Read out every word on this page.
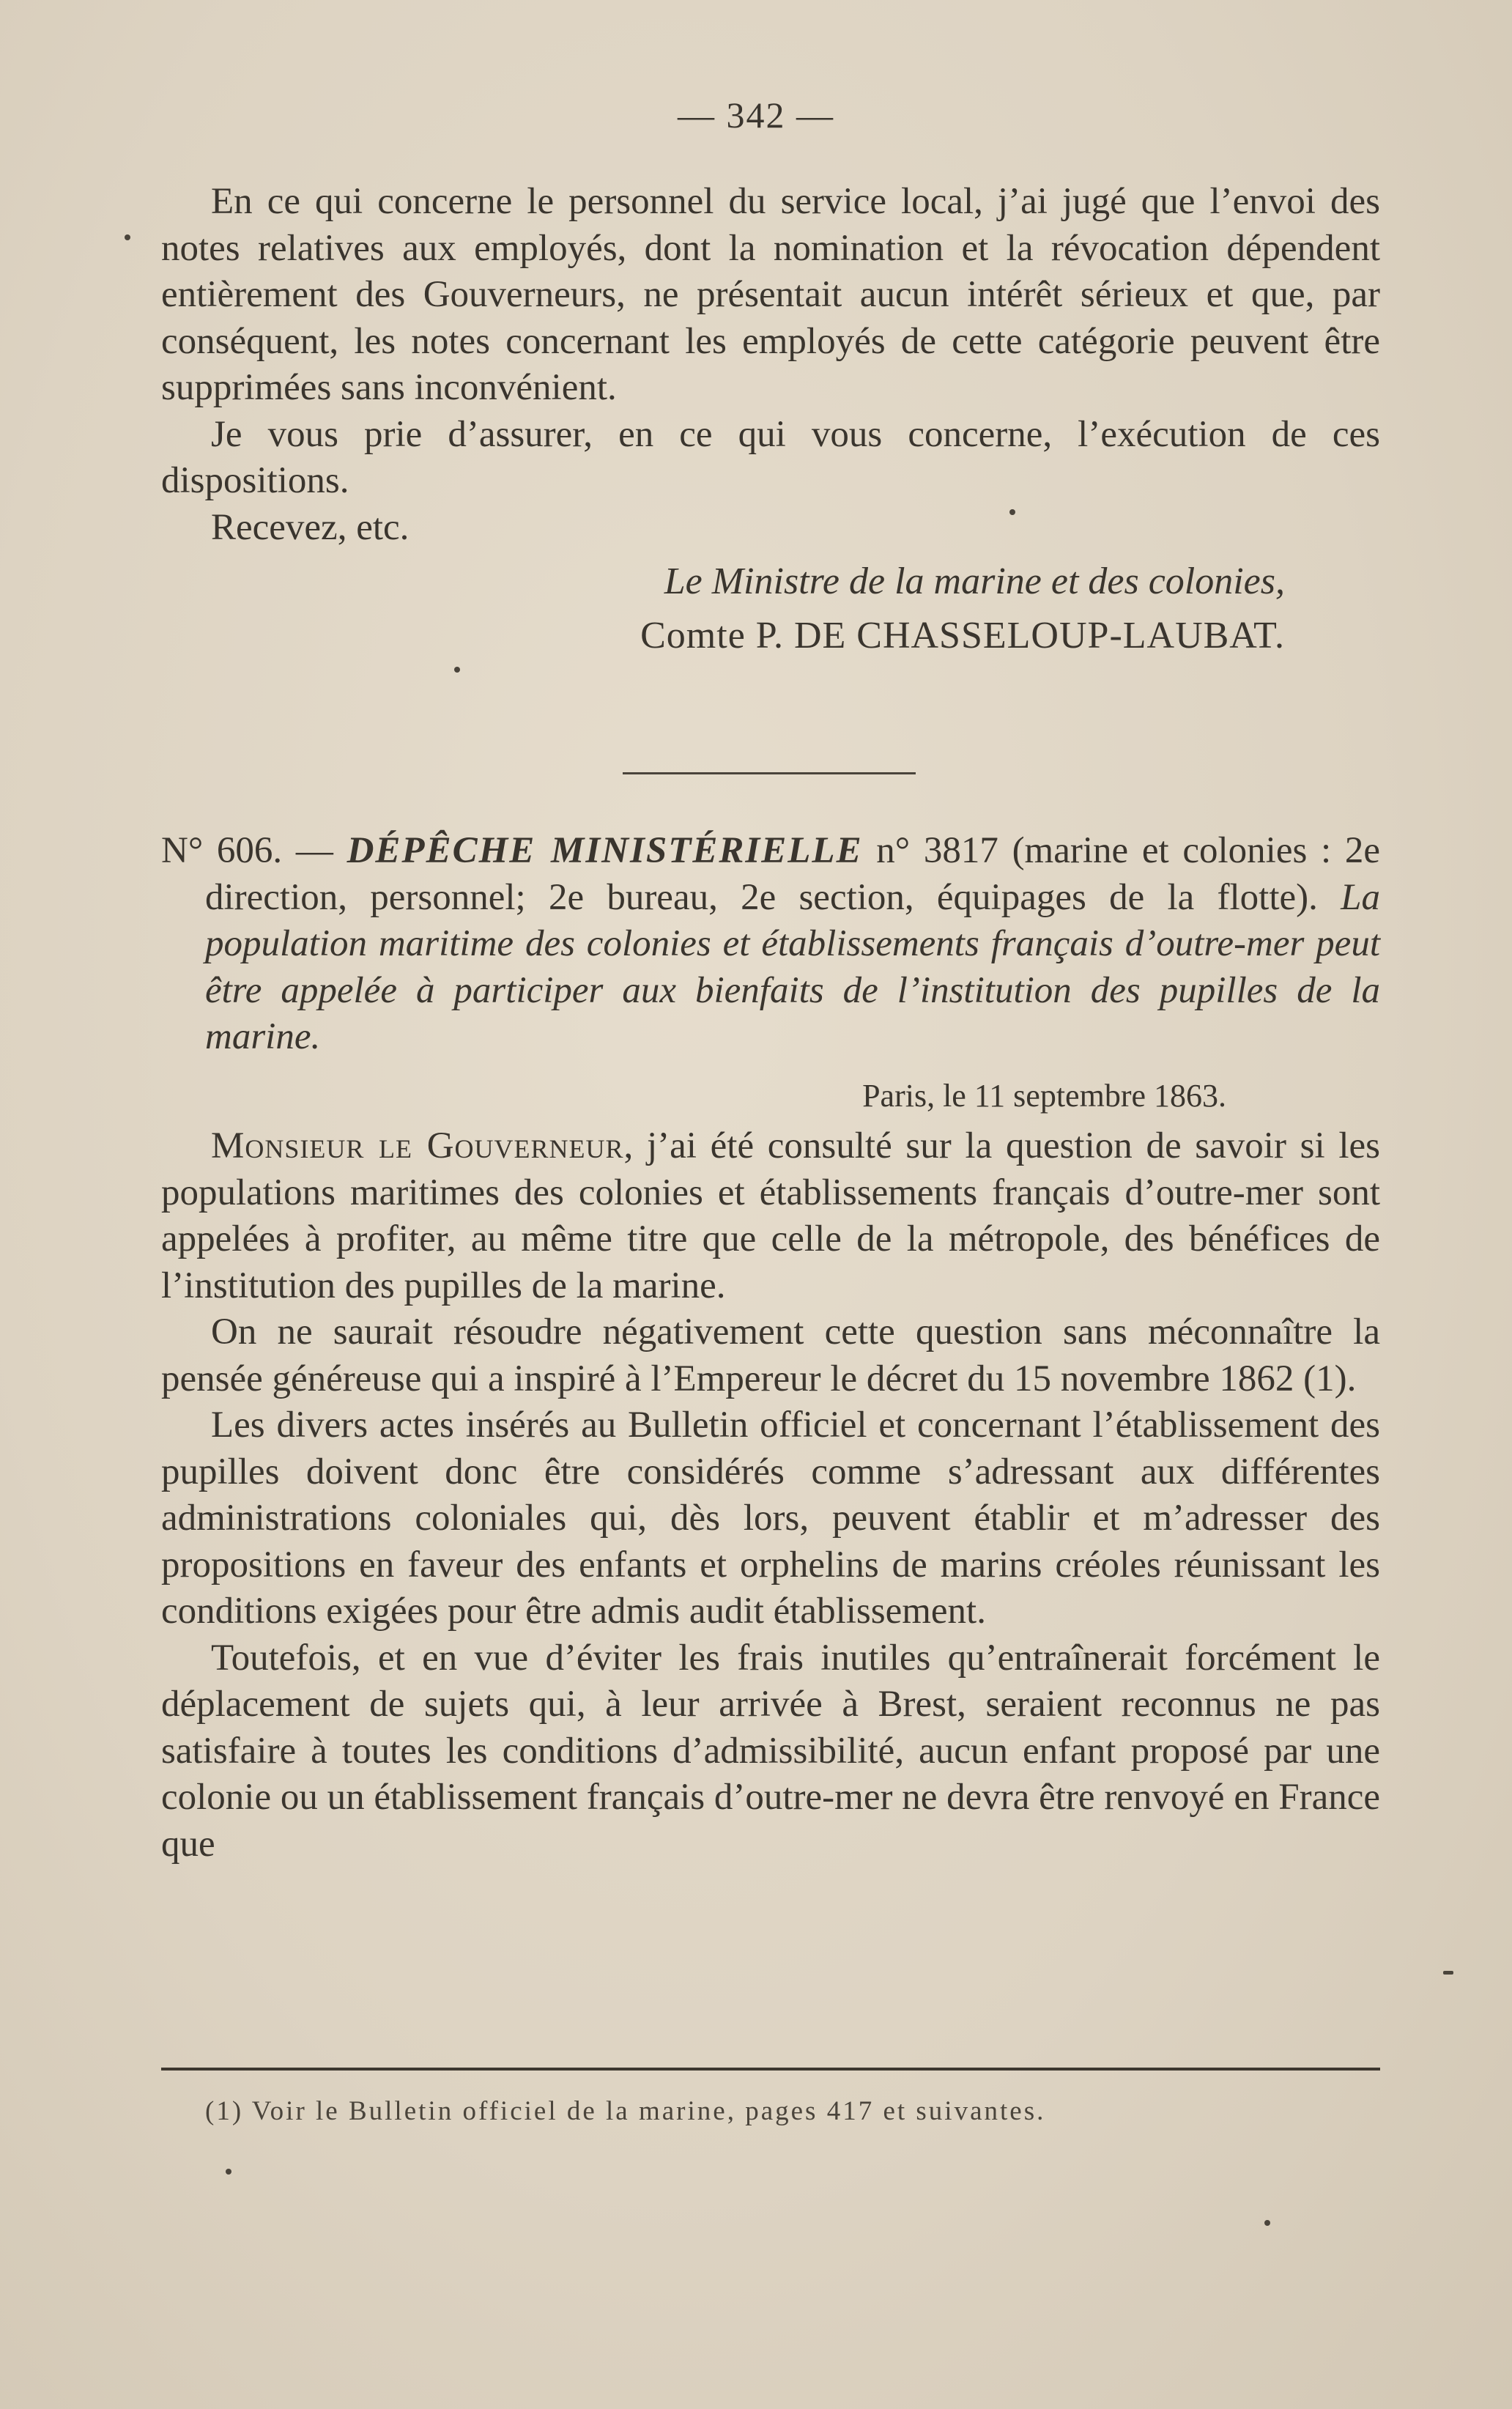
— 342 —

En ce qui concerne le personnel du service local, j’ai jugé que l’envoi des notes relatives aux employés, dont la nomination et la révocation dépendent entièrement des Gouverneurs, ne présentait aucun intérêt sérieux et que, par conséquent, les notes concernant les employés de cette catégorie peuvent être supprimées sans inconvénient.

Je vous prie d’assurer, en ce qui vous concerne, l’exécution de ces dispositions.

Recevez, etc.

Le Ministre de la marine et des colonies,

Comte P. DE CHASSELOUP-LAUBAT.

N° 606. — DÉPÊCHE MINISTÉRIELLE n° 3817 (marine et colonies : 2e direction, personnel; 2e bureau, 2e section, équipages de la flotte). La population maritime des colonies et établissements français d’outre-mer peut être appelée à participer aux bienfaits de l’institution des pupilles de la marine.

Paris, le 11 septembre 1863.

Monsieur le Gouverneur, j’ai été consulté sur la question de savoir si les populations maritimes des colonies et établissements français d’outre-mer sont appelées à profiter, au même titre que celle de la métropole, des bénéfices de l’institution des pupilles de la marine.

On ne saurait résoudre négativement cette question sans méconnaître la pensée généreuse qui a inspiré à l’Empereur le décret du 15 novembre 1862 (1).

Les divers actes insérés au Bulletin officiel et concernant l’établissement des pupilles doivent donc être considérés comme s’adressant aux différentes administrations coloniales qui, dès lors, peuvent établir et m’adresser des propositions en faveur des enfants et orphelins de marins créoles réunissant les conditions exigées pour être admis audit établissement.

Toutefois, et en vue d’éviter les frais inutiles qu’entraînerait forcément le déplacement de sujets qui, à leur arrivée à Brest, seraient reconnus ne pas satisfaire à toutes les conditions d’admissibilité, aucun enfant proposé par une colonie ou un établissement français d’outre-mer ne devra être renvoyé en France que

(1) Voir le Bulletin officiel de la marine, pages 417 et suivantes.
